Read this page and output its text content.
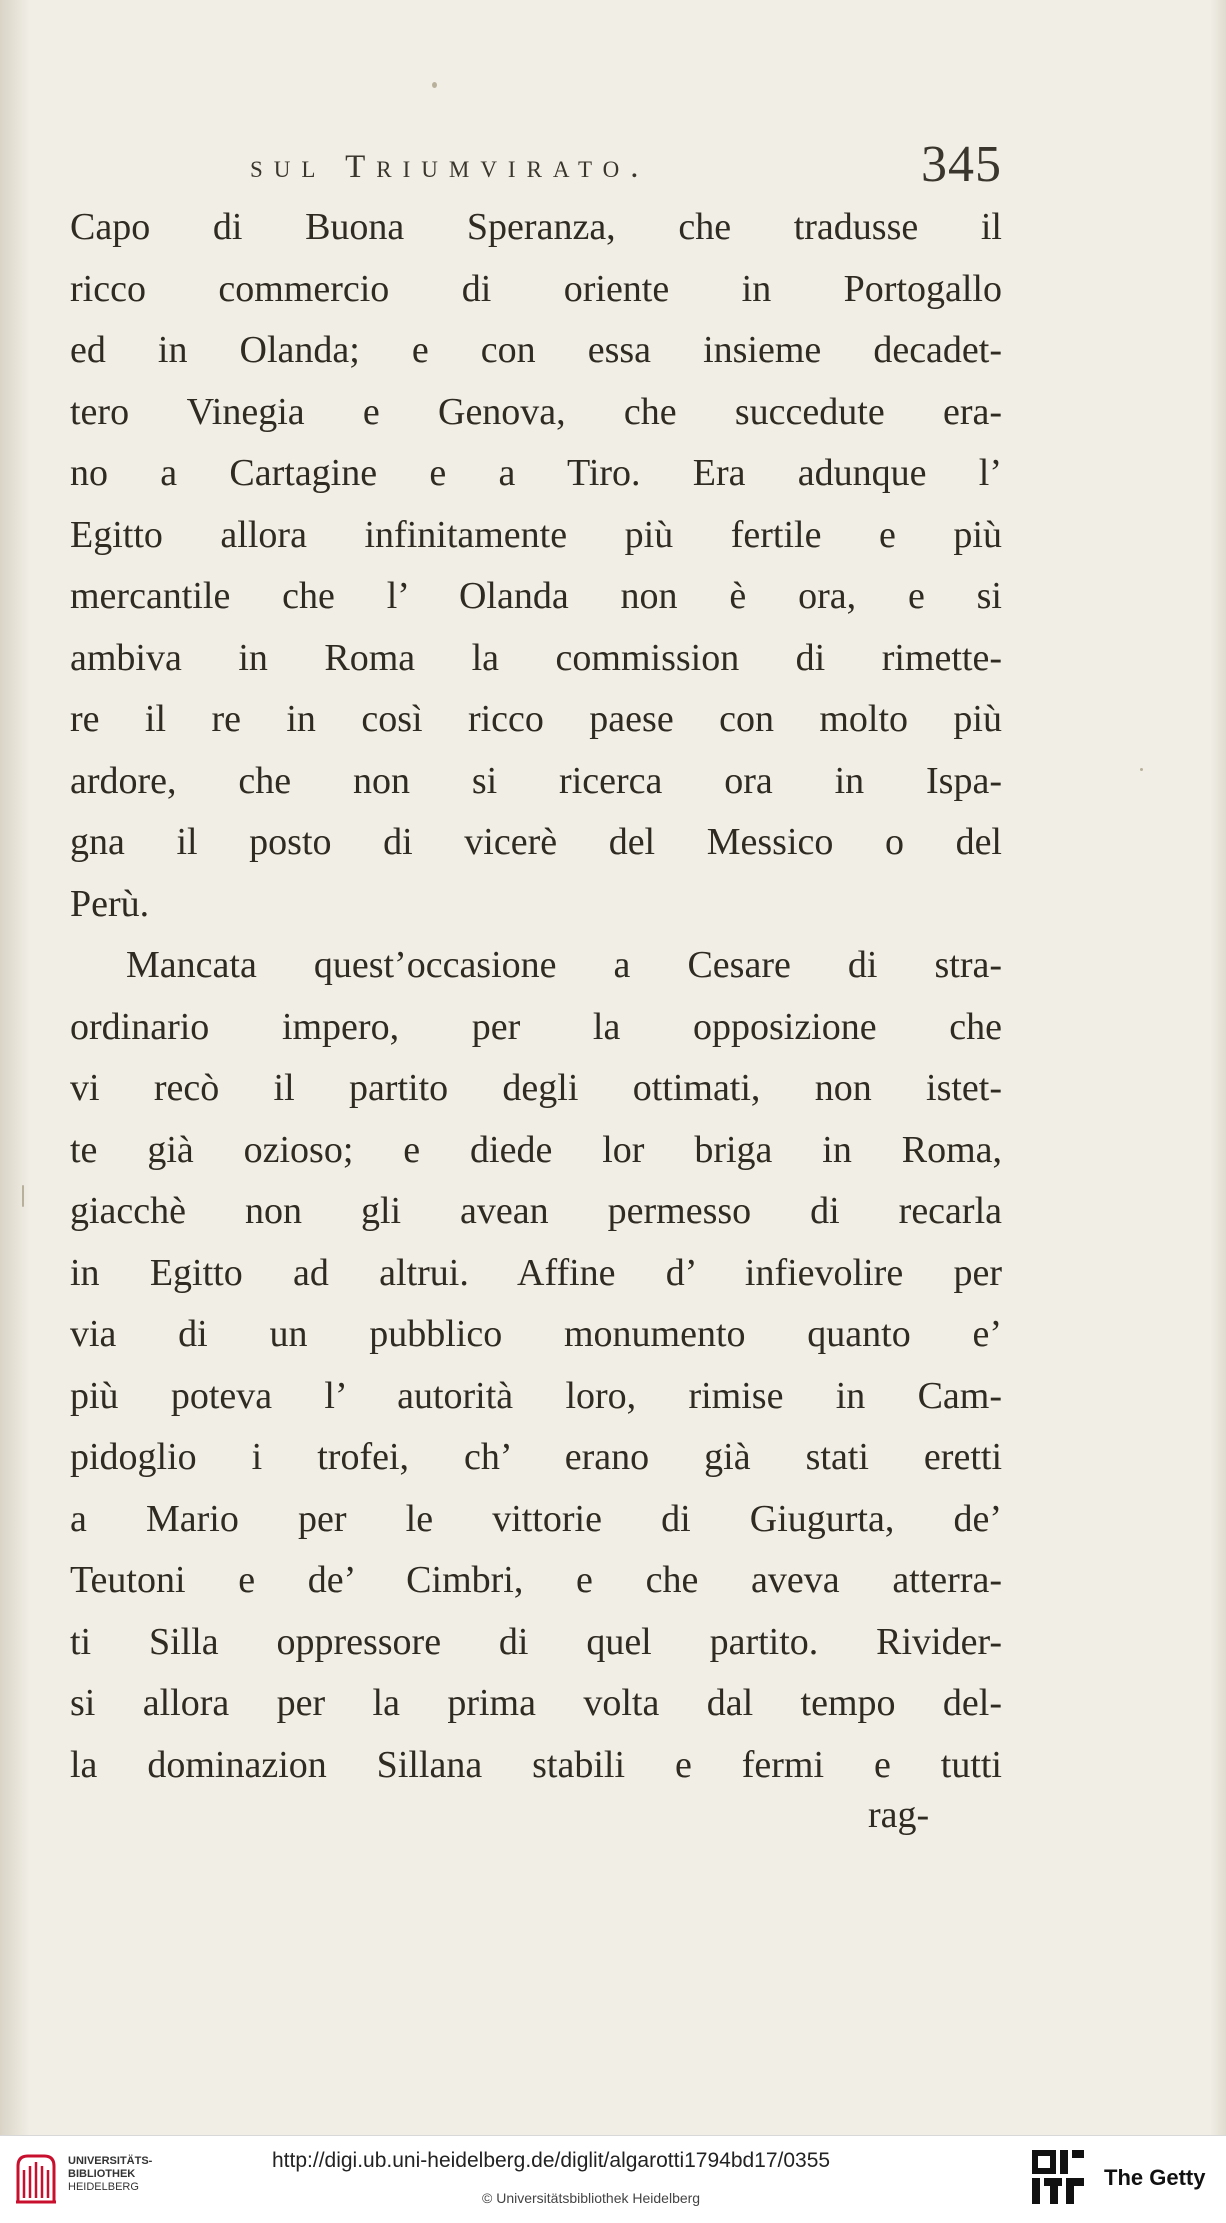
sul Triumvirato.	345
Capo di Buona Speranza, che tradusse il
ricco commercio di oriente in Portogallo
ed in Olanda; e con essa insieme decadet-
tero Vinegia e Genova, che succedute era-
no a Cartagine e a Tiro. Era adunque l’
Egitto allora infinitamente più fertile e più
mercantile che l’ Olanda non è ora, e si
ambiva in Roma la commission di rimette-
re il re in così ricco paese con molto più
ardore, che non si ricerca ora in Ispa-
gna il posto di vicerè del Messico o del
Perù.
Mancata quest’occasione a Cesare di stra-
ordinario impero, per la opposizione che
vi recò il partito degli ottimati, non istet-
te già ozioso; e diede lor briga in Roma,
giacchè non gli avean permesso di recarla
in Egitto ad altrui. Affine d’ infievolire per
via di un pubblico monumento quanto e’
più poteva l’ autorità loro, rimise in Cam-
pidoglio i trofei, ch’ erano già stati eretti
a Mario per le vittorie di Giugurta, de’
Teutoni e de’ Cimbri, e che aveva atterra-
ti Silla oppressore di quel partito. Rivider-
si allora per la prima volta dal tempo del-
la dominazion Sillana stabili e fermi e tutti
rag-
UNIVERSITÄTS-
BIBLIOTHEK
HEIDELBERG
http://digi.ub.uni-heidelberg.de/diglit/algarotti1794bd17/0355
© Universitätsbibliothek Heidelberg
The Getty
